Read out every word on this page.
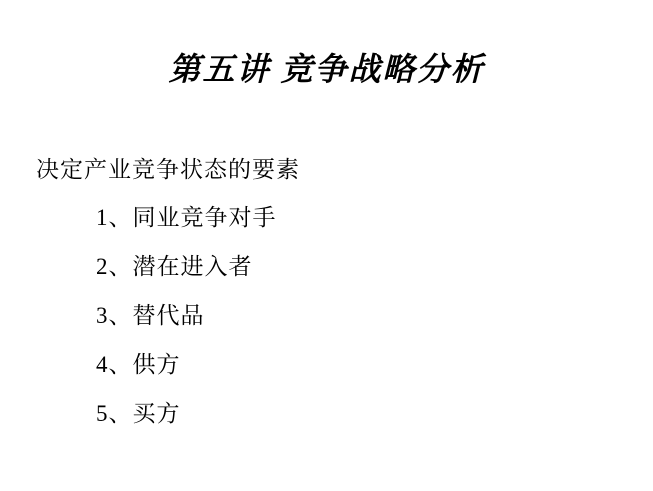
第五讲 竞争战略分析

决定产业竞争状态的要素

1、同业竞争对手
2、潜在进入者
3、替代品
4、供方
5、买方
